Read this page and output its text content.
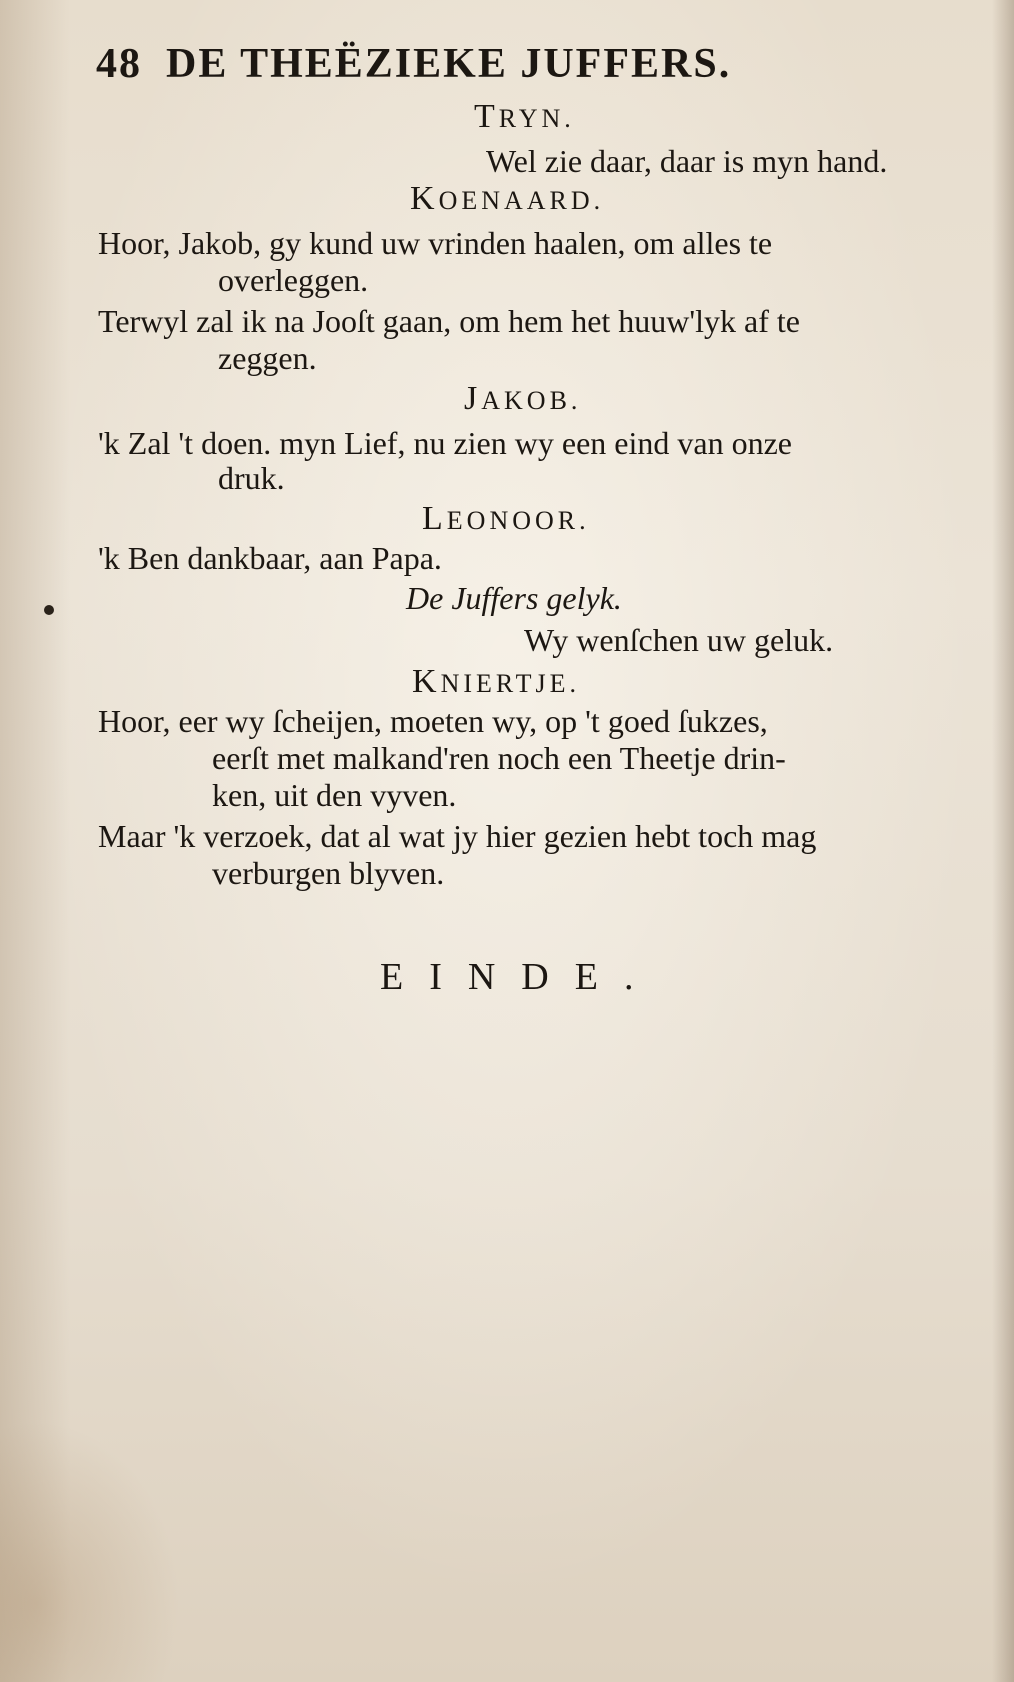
48 DE THEËZIEKE JUFFERS.
TRYN.
Wel zie daar, daar is myn hand.
KOENAARD.
Hoor, Jakob, gy kund uw vrinden haalen, om alles te
overleggen.
Terwyl zal ik na Jooſt gaan, om hem het huuw'lyk af te
zeggen.
JAKOB.
'k Zal 't doen. myn Lief, nu zien wy een eind van onze
druk.
LEONOOR.
'k Ben dankbaar, aan Papa.
De Juffers gelyk.
Wy wenſchen uw geluk.
KNIERTJE.
Hoor, eer wy ſcheijen, moeten wy, op 't goed ſukzes,
eerſt met malkand'ren noch een Theetje drin-
ken, uit den vyven.
Maar 'k verzoek, dat al wat jy hier gezien hebt toch mag
verburgen blyven.
EINDE.
